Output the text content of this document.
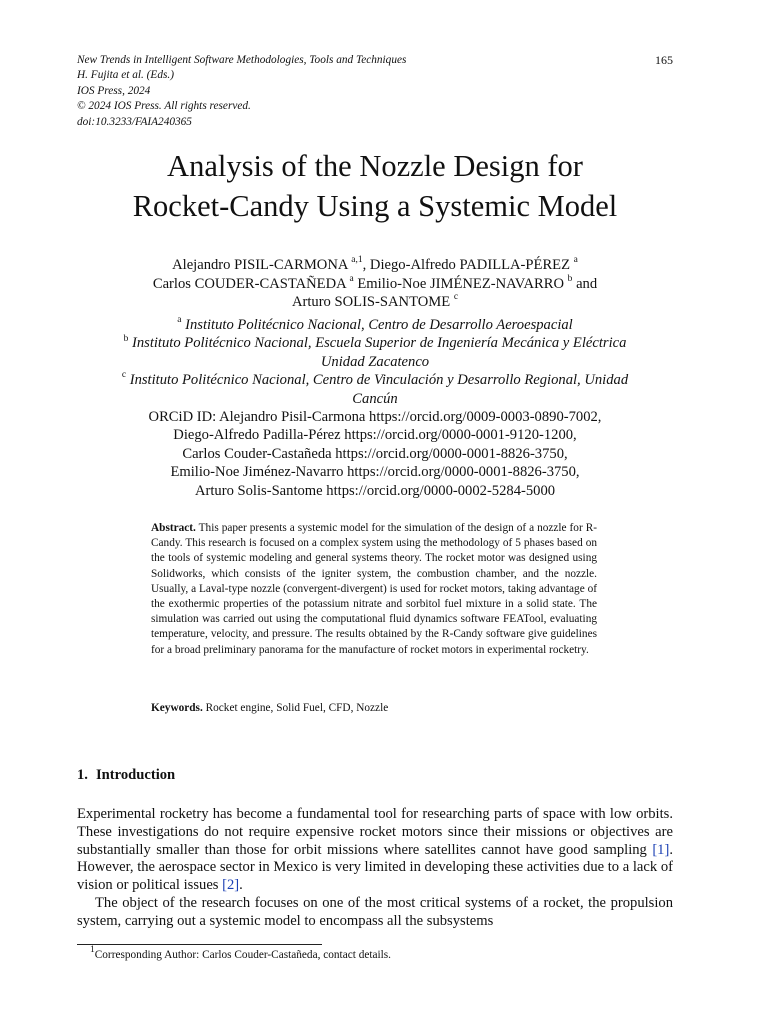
New Trends in Intelligent Software Methodologies, Tools and Techniques
H. Fujita et al. (Eds.)
IOS Press, 2024
© 2024 IOS Press. All rights reserved.
doi:10.3233/FAIA240365
165
Analysis of the Nozzle Design for
Rocket-Candy Using a Systemic Model
Alejandro PISIL-CARMONA $^{a,1}$, Diego-Alfredo PADILLA-PÉREZ $^a$
Carlos COUDER-CASTAÑEDA $^a$ Emilio-Noe JIMÉNEZ-NAVARRO $^b$ and
Arturo SOLIS-SANTOME $^c$
$^a$ Instituto Politécnico Nacional, Centro de Desarrollo Aeroespacial
$^b$ Instituto Politécnico Nacional, Escuela Superior de Ingeniería Mecánica y Eléctrica
Unidad Zacatenco
$^c$ Instituto Politécnico Nacional, Centro de Vinculación y Desarrollo Regional, Unidad
Cancún
ORCiD ID: Alejandro Pisil-Carmona https://orcid.org/0009-0003-0890-7002,
Diego-Alfredo Padilla-Pérez https://orcid.org/0000-0001-9120-1200,
Carlos Couder-Castañeda https://orcid.org/0000-0001-8826-3750,
Emilio-Noe Jiménez-Navarro https://orcid.org/0000-0001-8826-3750,
Arturo Solis-Santome https://orcid.org/0000-0002-5284-5000
Abstract. This paper presents a systemic model for the simulation of the design of a nozzle for R-Candy. This research is focused on a complex system using the methodology of 5 phases based on the tools of systemic modeling and general systems theory. The rocket motor was designed using Solidworks, which consists of the igniter system, the combustion chamber, and the nozzle. Usually, a Laval-type nozzle (convergent-divergent) is used for rocket motors, taking advantage of the exothermic properties of the potassium nitrate and sorbitol fuel mixture in a solid state. The simulation was carried out using the computational fluid dynamics software FEATool, evaluating temperature, velocity, and pressure. The results obtained by the R-Candy software give guidelines for a broad preliminary panorama for the manufacture of rocket motors in experimental rocketry.
Keywords. Rocket engine, Solid Fuel, CFD, Nozzle
1. Introduction

Experimental rocketry has become a fundamental tool for researching parts of space with low orbits. These investigations do not require expensive rocket motors since their missions or objectives are substantially smaller than those for orbit missions where satellites cannot have good sampling [1]. However, the aerospace sector in Mexico is very limited in developing these activities due to a lack of vision or political issues [2].

The object of the research focuses on one of the most critical systems of a rocket, the propulsion system, carrying out a systemic model to encompass all the subsystems

$^1$Corresponding Author: Carlos Couder-Castañeda, contact details.
